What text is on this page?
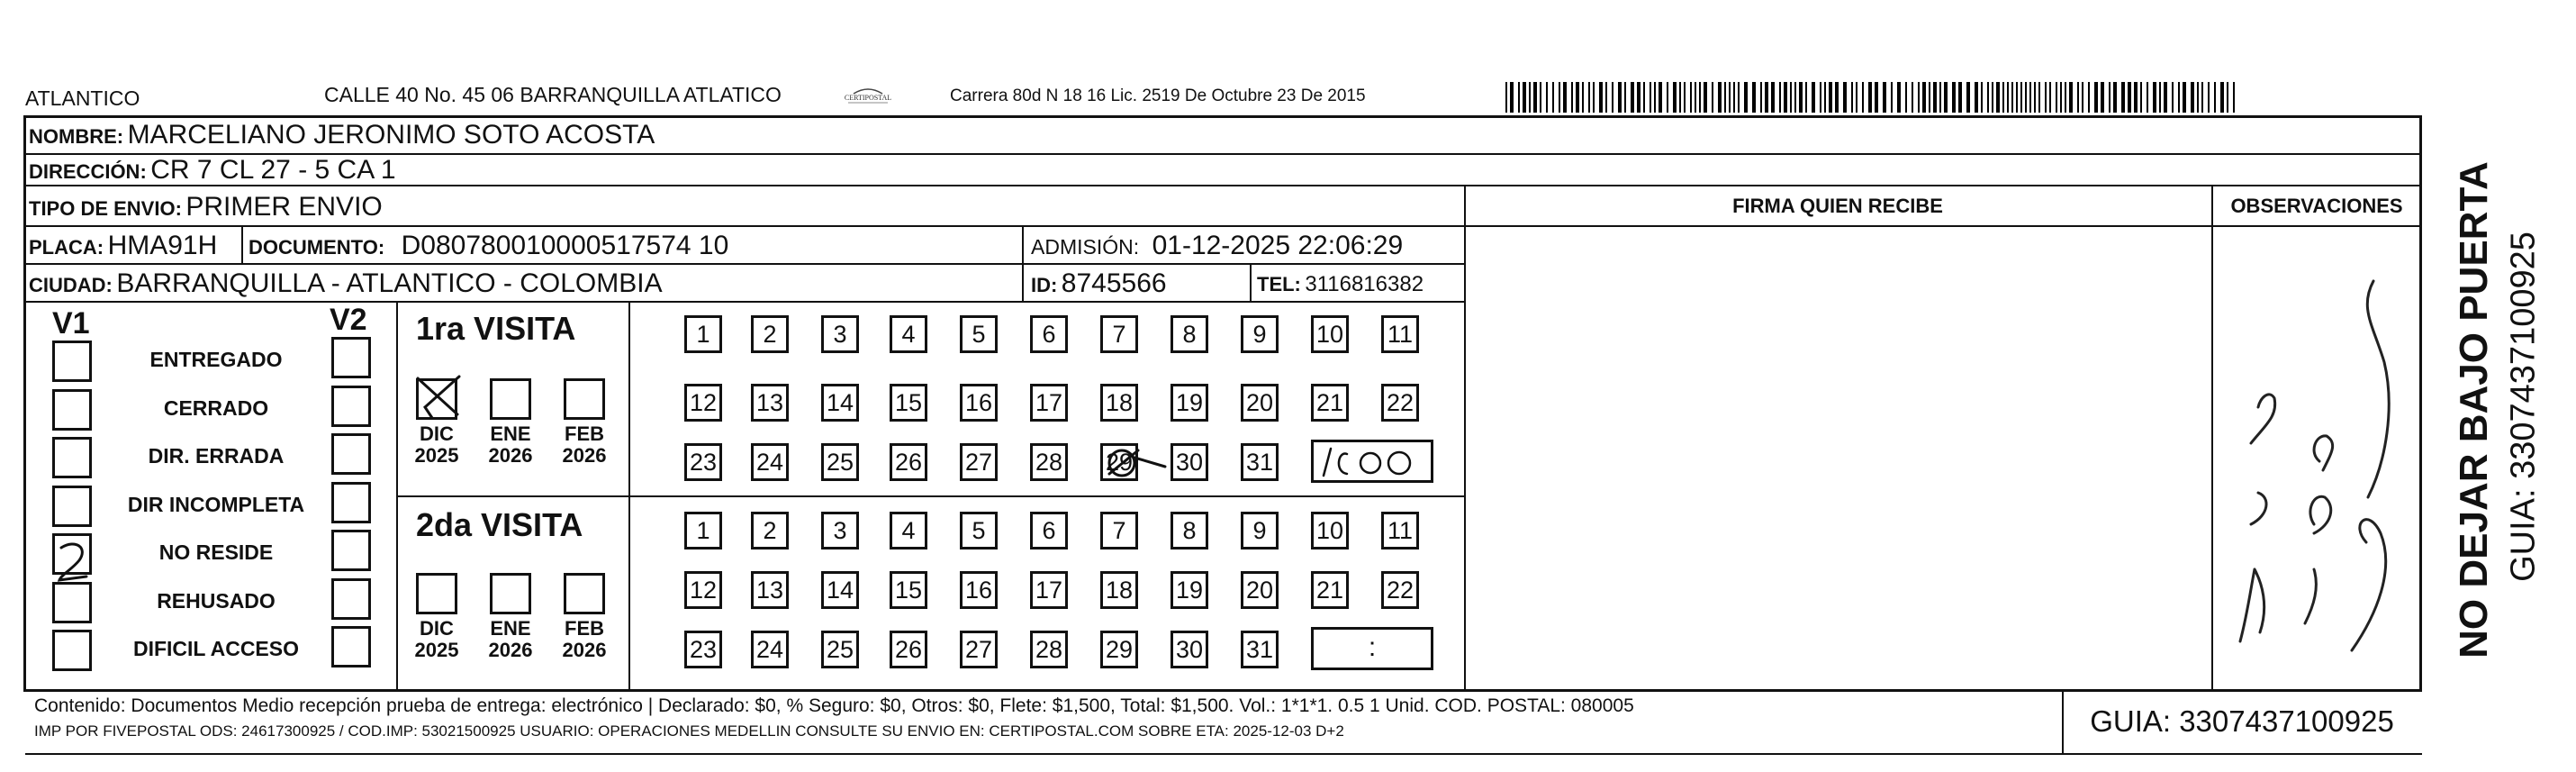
ATLANTICO	CALLE 40 No. 45 06 BARRANQUILLA ATLATICO	CERTIPOSTAL	Carrera 80d N 18 16 Lic. 2519 De Octubre 23 De 2015
NOMBRE: MARCELIANO JERONIMO SOTO ACOSTA
DIRECCIÓN: CR 7 CL 27 - 5 CA 1
TIPO DE ENVIO: PRIMER ENVIO
PLACA: HMA91H DOCUMENTO: D080780010000517574 10	ADMISIÓN: 01-12-2025 22:06:29
CIUDAD: BARRANQUILLA - ATLANTICO - COLOMBIA	ID: 8745566	TEL: 3116816382
FIRMA QUIEN RECIBE	OBSERVACIONES	NO DEJAR BAJO PUERTA GUIA: 3307437100925
V1	V2
ENTREGADO
CERRADO
DIR. ERRADA
DIR INCOMPLETA
NO RESIDE
REHUSADO
DIFICIL ACCESO
1ra VISITA
2da VISITA
DIC
2025
ENE
2026
FEB
2026
DIC
2025
ENE
2026
FEB
2026
1	2	3	4	5	6	7	8	9	10 11
12 13 14 15 16 17 18 19 20 21 22
23 24 25 26 27 28 29 30 31
1	2	3	4	5	6	7	8	9	10 11
12 13 14 15 16 17 18 19 20 21 22
23 24 25 26 27 28 29 30 31	:
Contenido: Documentos Medio recepción prueba de entrega: electrónico | Declarado: $0, % Seguro: $0, Otros: $0, Flete: $1,500, Total: $1,500. Vol.: 1*1*1. 0.5 1 Unid. COD. POSTAL: 080005
IMP POR FIVEPOSTAL ODS: 24617300925 / COD.IMP: 53021500925 USUARIO: OPERACIONES MEDELLIN CONSULTE SU ENVIO EN: CERTIPOSTAL.COM SOBRE ETA: 2025-12-03 D+2	GUIA: 3307437100925
